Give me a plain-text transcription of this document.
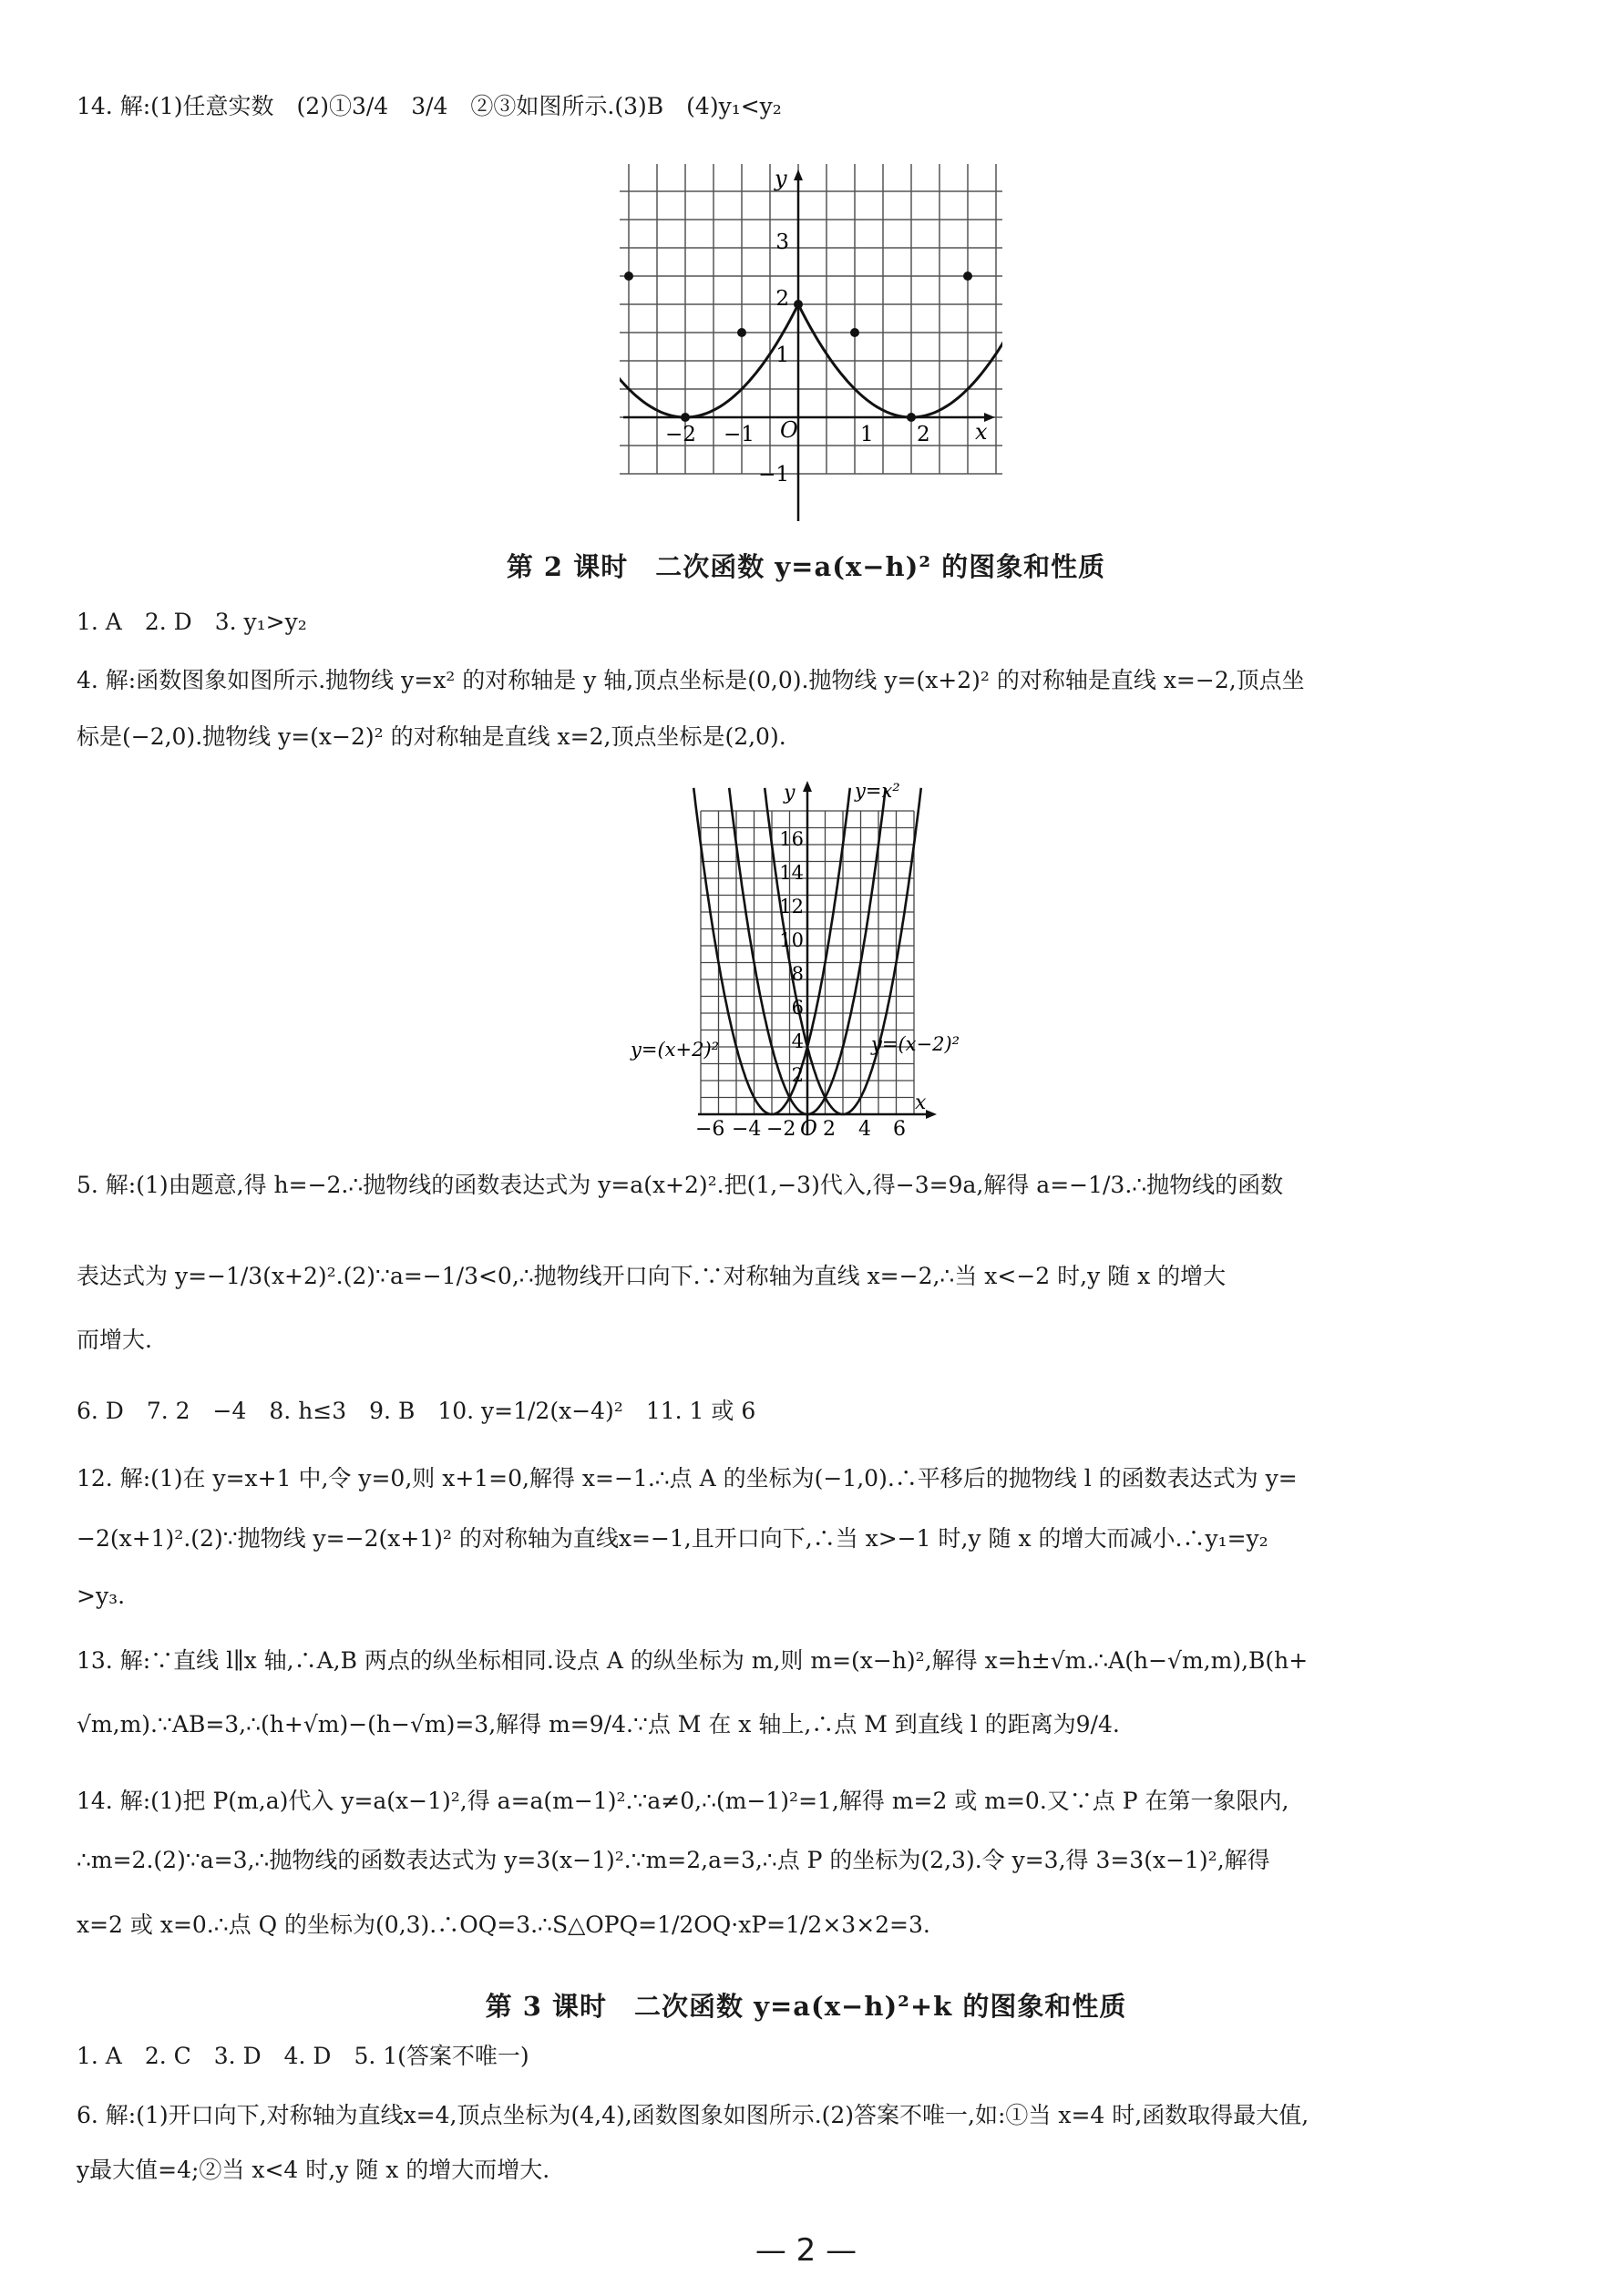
14. 解:(1)任意实数　(2)①3/4　3/4　②③如图所示.(3)B　(4)y₁<y₂

x
y
O
−2 −1	1 2
3
2
1
−1

第 2 课时　二次函数 y=a(x−h)² 的图象和性质

1. A　2. D　3. y₁>y₂

4. 解:函数图象如图所示.抛物线 y=x² 的对称轴是 y 轴,顶点坐标是(0,0).抛物线 y=(x+2)² 的对称轴是直线 x=−2,顶点坐

标是(−2,0).抛物线 y=(x−2)² 的对称轴是直线 x=2,顶点坐标是(2,0).

y=x²
y=(x+2)²	y=(x−2)²
x
y
O
−6 −4 −2 2 4 6
16
14
12
10
8
6
4
2

5. 解:(1)由题意,得 h=−2.∴抛物线的函数表达式为 y=a(x+2)².把(1,−3)代入,得−3=9a,解得 a=−1/3.∴抛物线的函数

表达式为 y=−1/3(x+2)².(2)∵a=−1/3<0,∴抛物线开口向下.∵对称轴为直线 x=−2,∴当 x<−2 时,y 随 x 的增大

而增大.

6. D　7. 2　−4　8. h≤3　9. B　10. y=1/2(x−4)²　11. 1 或 6

12. 解:(1)在 y=x+1 中,令 y=0,则 x+1=0,解得 x=−1.∴点 A 的坐标为(−1,0).∴平移后的抛物线 l 的函数表达式为 y=

−2(x+1)².(2)∵抛物线 y=−2(x+1)² 的对称轴为直线x=−1,且开口向下,∴当 x>−1 时,y 随 x 的增大而减小.∴y₁=y₂

>y₃.

13. 解:∵直线 l∥x 轴,∴A,B 两点的纵坐标相同.设点 A 的纵坐标为 m,则 m=(x−h)²,解得 x=h±√m.∴A(h−√m,m),B(h+

√m,m).∵AB=3,∴(h+√m)−(h−√m)=3,解得 m=9/4.∵点 M 在 x 轴上,∴点 M 到直线 l 的距离为9/4.

14. 解:(1)把 P(m,a)代入 y=a(x−1)²,得 a=a(m−1)².∵a≠0,∴(m−1)²=1,解得 m=2 或 m=0.又∵点 P 在第一象限内,

∴m=2.(2)∵a=3,∴抛物线的函数表达式为 y=3(x−1)².∵m=2,a=3,∴点 P 的坐标为(2,3).令 y=3,得 3=3(x−1)²,解得

x=2 或 x=0.∴点 Q 的坐标为(0,3).∴OQ=3.∴S△OPQ=1/2OQ·xP=1/2×3×2=3.

第 3 课时　二次函数 y=a(x−h)²+k 的图象和性质

1. A　2. C　3. D　4. D　5. 1(答案不唯一)

6. 解:(1)开口向下,对称轴为直线x=4,顶点坐标为(4,4),函数图象如图所示.(2)答案不唯一,如:①当 x=4 时,函数取得最大值,

y最大值=4;②当 x<4 时,y 随 x 的增大而增大.

— 2 —
